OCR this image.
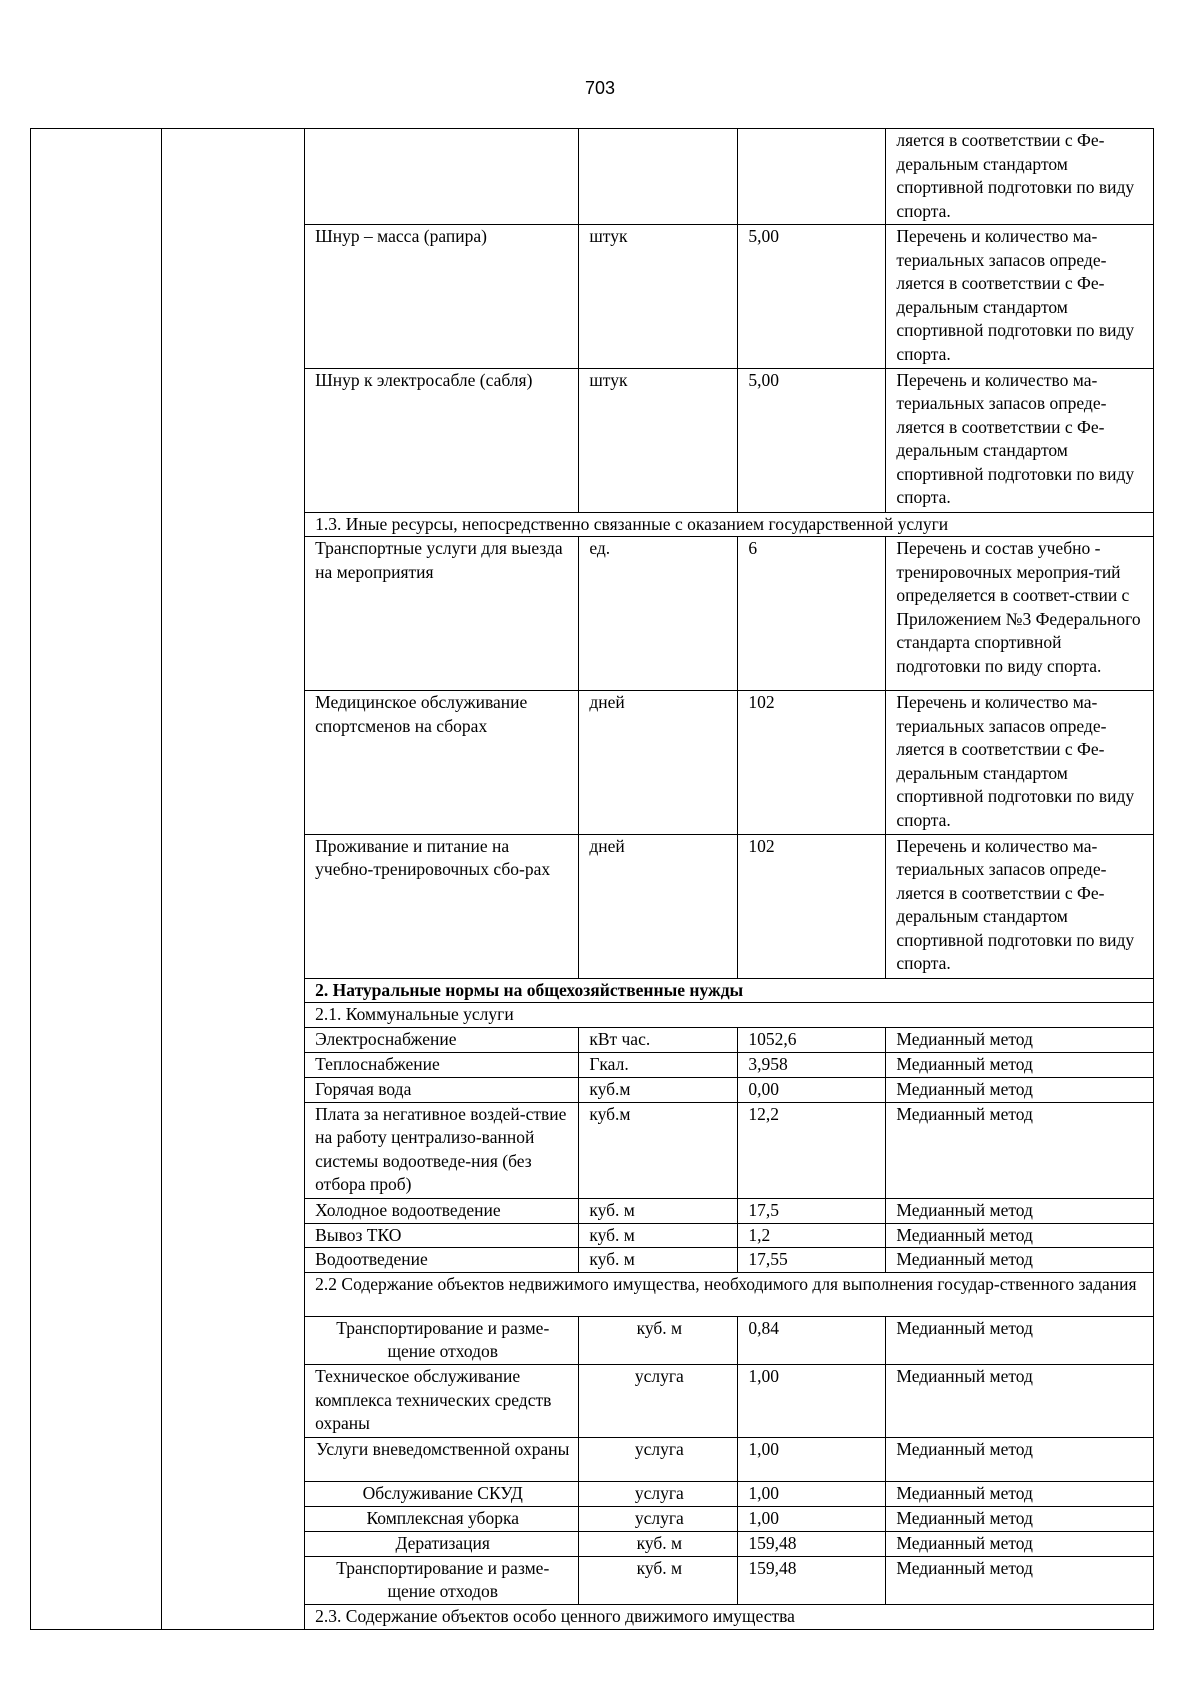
703
					ляется в соответствии с Фе-деральным стандартом спортивной подготовки по виду спорта.
		Шнур – масса (рапира)	штук	5,00	Перечень и количество ма-териальных запасов опреде-ляется в соответствии с Фе-деральным стандартом спортивной подготовки по виду спорта.
		Шнур к электросабле (сабля)	штук	5,00	Перечень и количество ма-териальных запасов опреде-ляется в соответствии с Фе-деральным стандартом спортивной подготовки по виду спорта.
		1.3. Иные ресурсы, непосредственно связанные с оказанием государственной услуги			
		Транспортные услуги для выезда на мероприятия	ед.	6	Перечень и состав учебно - тренировочных мероприя-тий определяется в соответ-ствии с Приложением №3 Федерального стандарта спортивной подготовки по виду спорта.
		Медицинское обслуживание спортсменов на сборах	дней	102	Перечень и количество ма-териальных запасов опреде-ляется в соответствии с Фе-деральным стандартом спортивной подготовки по виду спорта.
		Проживание и питание на учебно-тренировочных сбо-рах	дней	102	Перечень и количество ма-териальных запасов опреде-ляется в соответствии с Фе-деральным стандартом спортивной подготовки по виду спорта.
		2. Натуральные нормы на общехозяйственные нужды			
		2.1. Коммунальные услуги			
		Электроснабжение	кВт час.	1052,6	Медианный метод
		Теплоснабжение	Гкал.	3,958	Медианный метод
		Горячая вода	куб.м	0,00	Медианный метод
		Плата за негативное воздей-ствие на работу централизо-ванной системы водоотведе-ния (без отбора проб)	куб.м	12,2	Медианный метод
		Холодное водоотведение	куб. м	17,5	Медианный метод
		Вывоз ТКО	куб. м	1,2	Медианный метод
		Водоотведение	куб. м	17,55	Медианный метод
		2.2 Содержание объектов недвижимого имущества, необходимого для выполнения государ-ственного задания			
		Транспортирование и разме-щение отходов	куб. м	0,84	Медианный метод
		Техническое обслуживание комплекса технических средств охраны	услуга	1,00	Медианный метод
		Услуги вневедомственной охраны	услуга	1,00	Медианный метод
		Обслуживание СКУД	услуга	1,00	Медианный метод
		Комплексная уборка	услуга	1,00	Медианный метод
		Дератизация	куб. м	159,48	Медианный метод
		Транспортирование и разме-щение отходов	куб. м	159,48	Медианный метод
		2.3. Содержание объектов особо ценного движимого имущества			
